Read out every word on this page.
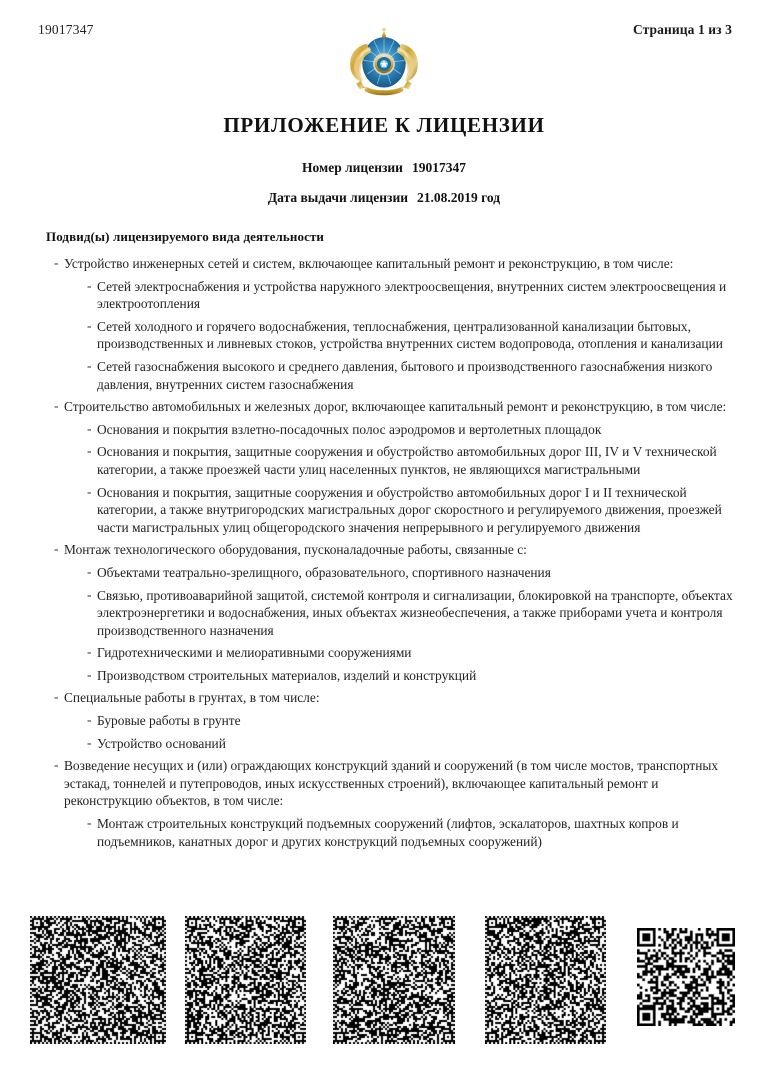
19017347	Страница 1 из 3
ПРИЛОЖЕНИЕ К ЛИЦЕНЗИИ
Номер лицензии 19017347
Дата выдачи лицензии 21.08.2019 год
Подвид(ы) лицензируемого вида деятельности
- Устройство инженерных сетей и систем, включающее капитальный ремонт и реконструкцию, в том числе:
- Сетей электроснабжения и устройства наружного электроосвещения, внутренних систем электроосвещения и электроотопления
- Сетей холодного и горячего водоснабжения, теплоснабжения, централизованной канализации бытовых, производственных и ливневых стоков, устройства внутренних систем водопровода, отопления и канализации
- Сетей газоснабжения высокого и среднего давления, бытового и производственного газоснабжения низкого давления, внутренних систем газоснабжения
- Строительство автомобильных и железных дорог, включающее капитальный ремонт и реконструкцию, в том числе:
- Основания и покрытия взлетно-посадочных полос аэродромов и вертолетных площадок
- Основания и покрытия, защитные сооружения и обустройство автомобильных дорог III, IV и V технической категории, а также проезжей части улиц населенных пунктов, не являющихся магистральными
- Основания и покрытия, защитные сооружения и обустройство автомобильных дорог I и II технической категории, а также внутригородских магистральных дорог скоростного и регулируемого движения, проезжей части магистральных улиц общегородского значения непрерывного и регулируемого движения
- Монтаж технологического оборудования, пусконаладочные работы, связанные с:
- Объектами театрально-зрелищного, образовательного, спортивного назначения
- Связью, противоаварийной защитой, системой контроля и сигнализации, блокировкой на транспорте, объектах электроэнергетики и водоснабжения, иных объектах жизнеобеспечения, а также приборами учета и контроля производственного назначения
- Гидротехническими и мелиоративными сооружениями
- Производством строительных материалов, изделий и конструкций
- Специальные работы в грунтах, в том числе:
- Буровые работы в грунте
- Устройство оснований
- Возведение несущих и (или) ограждающих конструкций зданий и сооружений (в том числе мостов, транспортных эстакад, тоннелей и путепроводов, иных искусственных строений), включающее капитальный ремонт и реконструкцию объектов, в том числе:
- Монтаж строительных конструкций подъемных сооружений (лифтов, эскалаторов, шахтных копров и подъемников, канатных дорог и других конструкций подъемных сооружений)
